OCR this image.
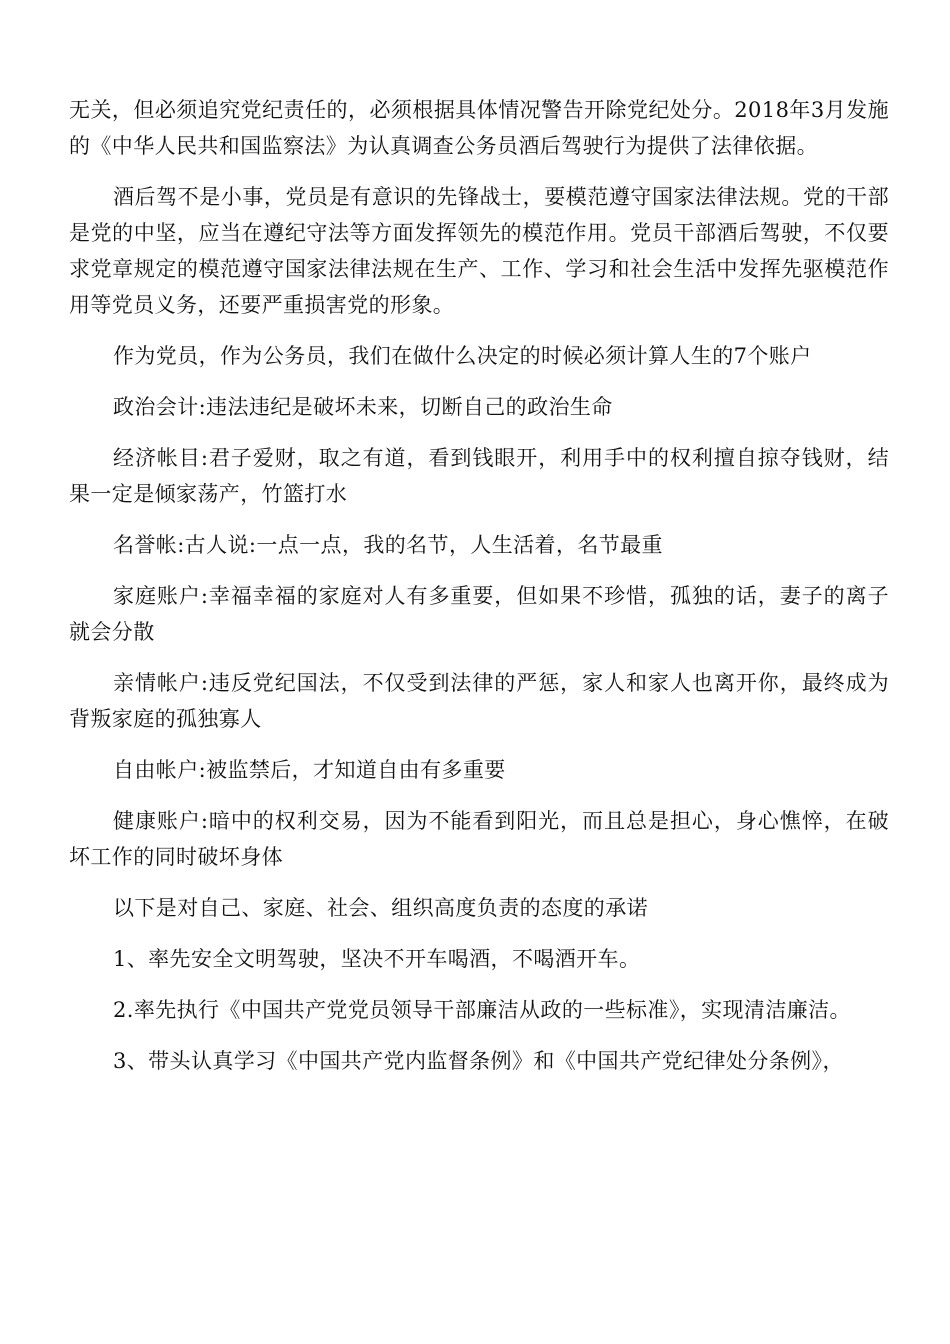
无关，但必须追究党纪责任的，必须根据具体情况警告开除党纪处分。2018年3月发施的《中华人民共和国监察法》为认真调查公务员酒后驾驶行为提供了法律依据。

酒后驾不是小事，党员是有意识的先锋战士，要模范遵守国家法律法规。党的干部是党的中坚，应当在遵纪守法等方面发挥领先的模范作用。党员干部酒后驾驶，不仅要求党章规定的模范遵守国家法律法规在生产、工作、学习和社会生活中发挥先驱模范作用等党员义务，还要严重损害党的形象。

作为党员，作为公务员，我们在做什么决定的时候必须计算人生的7个账户

政治会计:违法违纪是破坏未来，切断自己的政治生命

经济帐目:君子爱财，取之有道，看到钱眼开，利用手中的权利擅自掠夺钱财，结果一定是倾家荡产，竹篮打水

名誉帐:古人说:一点一点，我的名节，人生活着，名节最重

家庭账户:幸福幸福的家庭对人有多重要，但如果不珍惜，孤独的话，妻子的离子就会分散

亲情帐户:违反党纪国法，不仅受到法律的严惩，家人和家人也离开你，最终成为背叛家庭的孤独寡人

自由帐户:被监禁后，才知道自由有多重要

健康账户:暗中的权利交易，因为不能看到阳光，而且总是担心，身心憔悴，在破坏工作的同时破坏身体

以下是对自己、家庭、社会、组织高度负责的态度的承诺

1、率先安全文明驾驶，坚决不开车喝酒，不喝酒开车。

2.率先执行《中国共产党党员领导干部廉洁从政的一些标准》，实现清洁廉洁。

3、带头认真学习《中国共产党内监督条例》和《中国共产党纪律处分条例》，
